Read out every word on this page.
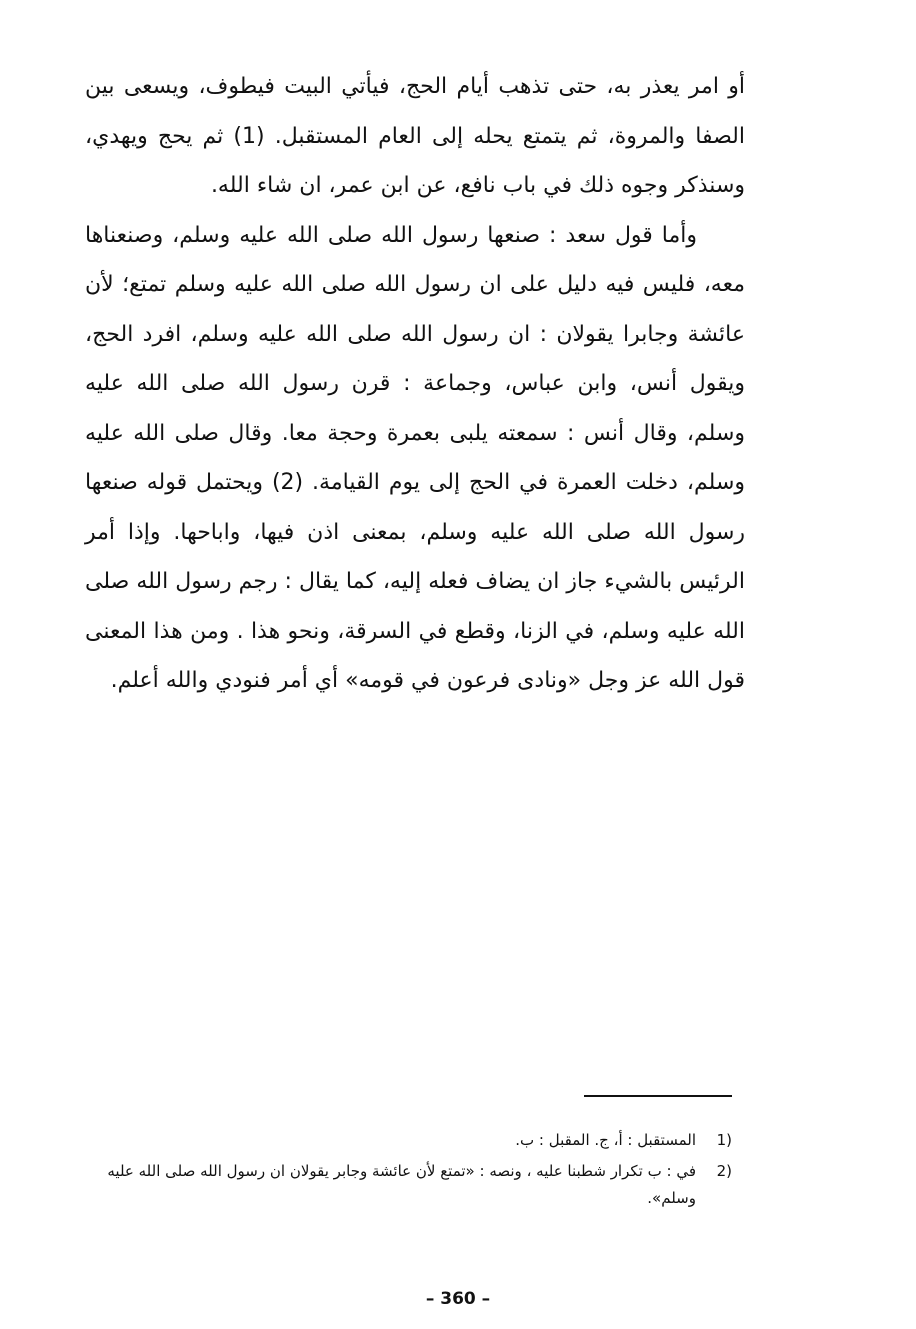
أو امر يعذر به، حتى تذهب أيام الحج، فيأتي البيت فيطوف، ويسعى بين الصفا والمروة، ثم يتمتع يحله إلى العام المستقبل. (1) ثم يحج ويهدي، وسنذكر وجوه ذلك في باب نافع، عن ابن عمر، ان شاء الله.

وأما قول سعد : صنعها رسول الله صلى الله عليه وسلم، وصنعناها معه، فليس فيه دليل على ان رسول الله صلى الله عليه وسلم تمتع؛ لأن عائشة وجابرا يقولان : ان رسول الله صلى الله عليه وسلم، افرد الحج، ويقول أنس، وابن عباس، وجماعة : قرن رسول الله صلى الله عليه وسلم، وقال أنس : سمعته يلبى بعمرة وحجة معا. وقال صلى الله عليه وسلم، دخلت العمرة في الحج إلى يوم القيامة. (2) ويحتمل قوله صنعها رسول الله صلى الله عليه وسلم، بمعنى اذن فيها، واباحها. وإذا أمر الرئيس بالشيء جاز ان يضاف فعله إليه، كما يقال : رجم رسول الله صلى الله عليه وسلم، في الزنا، وقطع في السرقة، ونحو هذا . ومن هذا المعنى قول الله عز وجل «ونادى فرعون في قومه» أي أمر فنودي والله أعلم.

1)
المستقبل : أ، ج. المقبل : ب.
2)
في : ب تكرار شطبنا عليه ، ونصه : «تمتع لأن عائشة وجابر يقولان ان رسول الله صلى الله عليه وسلم».
– 360 –
